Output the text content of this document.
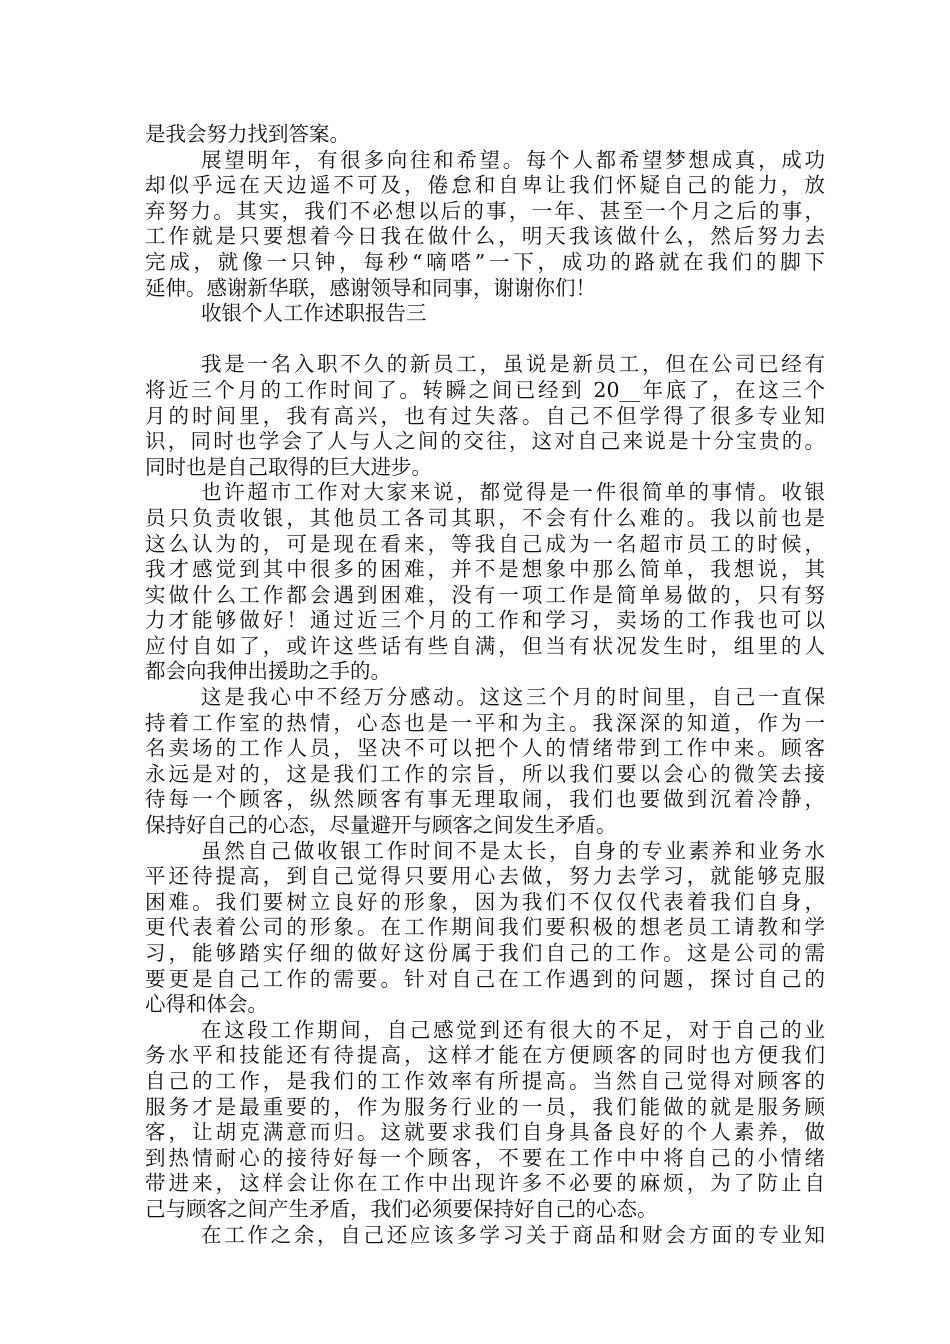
是我会努力找到答案。
展望明年，有很多向往和希望。每个人都希望梦想成真，成功
却似乎远在天边遥不可及，倦怠和自卑让我们怀疑自己的能力，放
弃努力。其实，我们不必想以后的事，一年、甚至一个月之后的事，
工作就是只要想着今日我在做什么，明天我该做什么，然后努力去
完成，就像一只钟，每秒“嘀嗒”一下，成功的路就在我们的脚下
延伸。感谢新华联，感谢领导和同事，谢谢你们！
收银个人工作述职报告三
我是一名入职不久的新员工，虽说是新员工，但在公司已经有
将近三个月的工作时间了。转瞬之间已经到 20__年底了，在这三个
月的时间里，我有高兴，也有过失落。自己不但学得了很多专业知
识，同时也学会了人与人之间的交往，这对自己来说是十分宝贵的。
同时也是自己取得的巨大进步。
也许超市工作对大家来说，都觉得是一件很简单的事情。收银
员只负责收银，其他员工各司其职，不会有什么难的。我以前也是
这么认为的，可是现在看来，等我自己成为一名超市员工的时候，
我才感觉到其中很多的困难，并不是想象中那么简单，我想说，其
实做什么工作都会遇到困难，没有一项工作是简单易做的，只有努
力才能够做好！通过近三个月的工作和学习，卖场的工作我也可以
应付自如了，或许这些话有些自满，但当有状况发生时，组里的人
都会向我伸出援助之手的。
这是我心中不经万分感动。这这三个月的时间里，自己一直保
持着工作室的热情，心态也是一平和为主。我深深的知道，作为一
名卖场的工作人员，坚决不可以把个人的情绪带到工作中来。顾客
永远是对的，这是我们工作的宗旨，所以我们要以会心的微笑去接
待每一个顾客，纵然顾客有事无理取闹，我们也要做到沉着冷静，
保持好自己的心态，尽量避开与顾客之间发生矛盾。
虽然自己做收银工作时间不是太长，自身的专业素养和业务水
平还待提高，到自己觉得只要用心去做，努力去学习，就能够克服
困难。我们要树立良好的形象，因为我们不仅仅代表着我们自身，
更代表着公司的形象。在工作期间我们要积极的想老员工请教和学
习，能够踏实仔细的做好这份属于我们自己的工作。这是公司的需
要更是自己工作的需要。针对自己在工作遇到的问题，探讨自己的
心得和体会。
在这段工作期间，自己感觉到还有很大的不足，对于自己的业
务水平和技能还有待提高，这样才能在方便顾客的同时也方便我们
自己的工作，是我们的工作效率有所提高。当然自己觉得对顾客的
服务才是最重要的，作为服务行业的一员，我们能做的就是服务顾
客，让胡克满意而归。这就要求我们自身具备良好的个人素养，做
到热情耐心的接待好每一个顾客，不要在工作中中将自己的小情绪
带进来，这样会让你在工作中出现许多不必要的麻烦，为了防止自
己与顾客之间产生矛盾，我们必须要保持好自己的心态。
在工作之余，自己还应该多学习关于商品和财会方面的专业知
